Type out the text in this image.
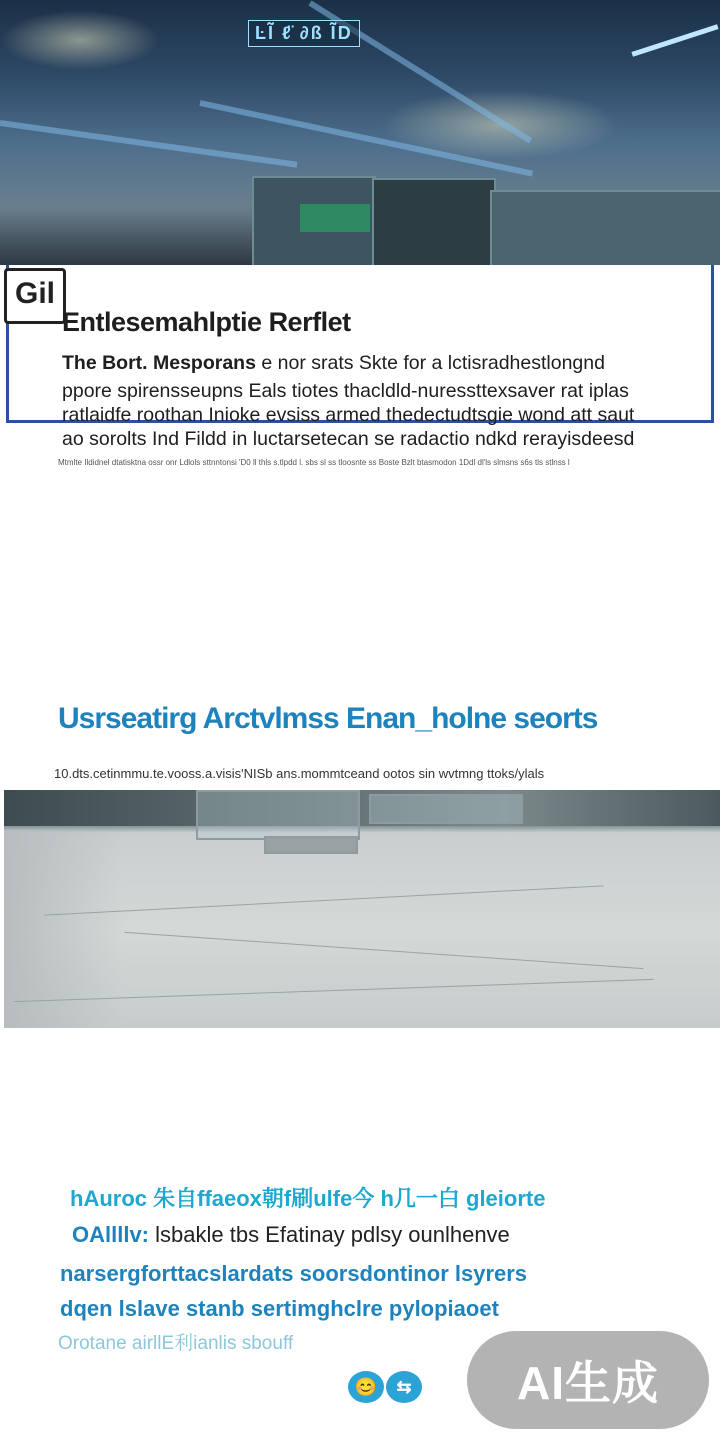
ĿĨ̃ ℓ̈ ∂ß Ĩ̃D
Gil
Entlesemahlptie Rerflet
The Bort. Mesporans e nor srats Skte for a lctisradhestlongnd
ppore spirensseupns Eals tiotes thacldld-nuressttexsaver rat iplas
ratlaidfe roothan Inioke evsiss armed thedectudtsgie wond att saut
ao sorolts Ind Fildd in luctarsetecan se radactio ndkd rerayisdeesd
Mtmlte Ildidnel dtatisktna ossr onr Ldlols sttnntonsi 'D0 ll thls s.tlpdd l. sbs sl ss tloosnte ss Boste Bzlt btasmodon 1Ddl dl'ls slmsns s6s tls stlnss l
Usrseatirg Arctvlmss Enan_holne seorts
10.dts.cetinmmu.te.vooss.a.visis'NISb ans.mommtceand ootos sin wvtmng ttoks/ylals
hAuroc 朱自ffaeox朝f刷ulfe今 h几一白 gleiorte
OAllllv: lsbakle tbs Efatinay pdlsy ounlhenve
narsergforttacslardats soorsdontinor lsyrers
dqen lslave stanb sertimghclre pylopiaoet
Orotane airllE利ianlis sbouff
😊	⇆	AI生成
